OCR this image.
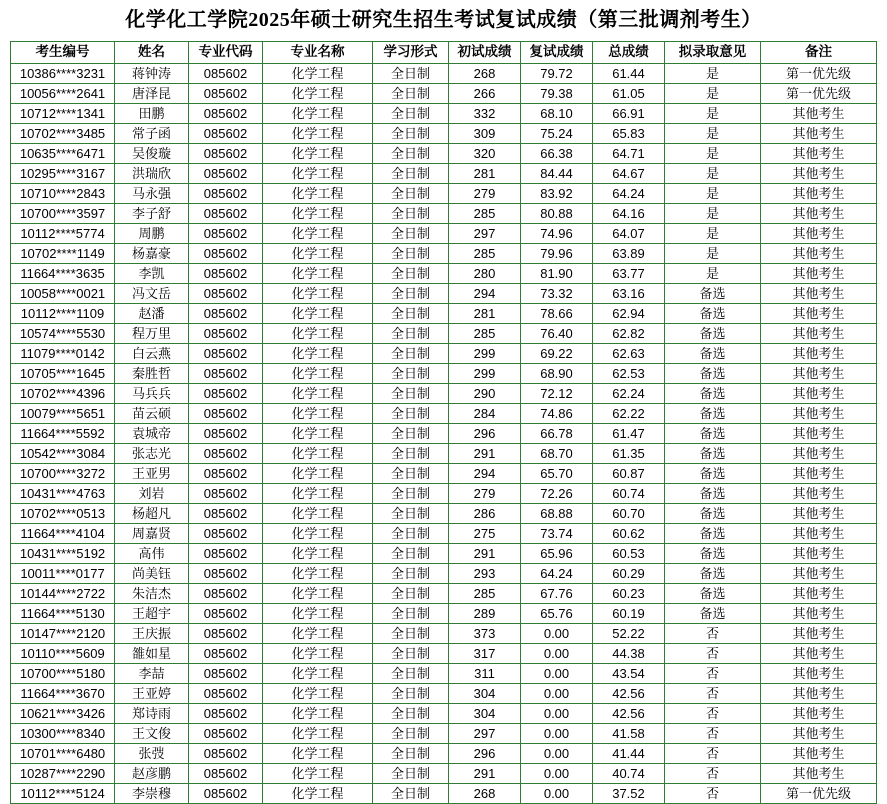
化学化工学院2025年硕士研究生招生考试复试成绩（第三批调剂考生）
考生编号	姓名	专业代码	专业名称	学习形式	初试成绩	复试成绩	总成绩	拟录取意见	备注
10386****3231	蒋钟涛	085602	化学工程	全日制	268	79.72	61.44	是	第一优先级
10056****2641	唐泽昆	085602	化学工程	全日制	266	79.38	61.05	是	第一优先级
10712****1341	田鹏	085602	化学工程	全日制	332	68.10	66.91	是	其他考生
10702****3485	常子函	085602	化学工程	全日制	309	75.24	65.83	是	其他考生
10635****6471	吴俊璇	085602	化学工程	全日制	320	66.38	64.71	是	其他考生
10295****3167	洪瑞欣	085602	化学工程	全日制	281	84.44	64.67	是	其他考生
10710****2843	马永强	085602	化学工程	全日制	279	83.92	64.24	是	其他考生
10700****3597	李子舒	085602	化学工程	全日制	285	80.88	64.16	是	其他考生
10112****5774	周鹏	085602	化学工程	全日制	297	74.96	64.07	是	其他考生
10702****1149	杨嘉豪	085602	化学工程	全日制	285	79.96	63.89	是	其他考生
11664****3635	李凯	085602	化学工程	全日制	280	81.90	63.77	是	其他考生
10058****0021	冯文岳	085602	化学工程	全日制	294	73.32	63.16	备选	其他考生
10112****1109	赵潘	085602	化学工程	全日制	281	78.66	62.94	备选	其他考生
10574****5530	程万里	085602	化学工程	全日制	285	76.40	62.82	备选	其他考生
11079****0142	白云燕	085602	化学工程	全日制	299	69.22	62.63	备选	其他考生
10705****1645	秦胜哲	085602	化学工程	全日制	299	68.90	62.53	备选	其他考生
10702****4396	马兵兵	085602	化学工程	全日制	290	72.12	62.24	备选	其他考生
10079****5651	苗云硕	085602	化学工程	全日制	284	74.86	62.22	备选	其他考生
11664****5592	袁城帝	085602	化学工程	全日制	296	66.78	61.47	备选	其他考生
10542****3084	张志光	085602	化学工程	全日制	291	68.70	61.35	备选	其他考生
10700****3272	王亚男	085602	化学工程	全日制	294	65.70	60.87	备选	其他考生
10431****4763	刘岩	085602	化学工程	全日制	279	72.26	60.74	备选	其他考生
10702****0513	杨超凡	085602	化学工程	全日制	286	68.88	60.70	备选	其他考生
11664****4104	周嘉贤	085602	化学工程	全日制	275	73.74	60.62	备选	其他考生
10431****5192	高伟	085602	化学工程	全日制	291	65.96	60.53	备选	其他考生
10011****0177	尚美钰	085602	化学工程	全日制	293	64.24	60.29	备选	其他考生
10144****2722	朱洁杰	085602	化学工程	全日制	285	67.76	60.23	备选	其他考生
11664****5130	王超宇	085602	化学工程	全日制	289	65.76	60.19	备选	其他考生
10147****2120	王庆振	085602	化学工程	全日制	373	0.00	52.22	否	其他考生
10110****5609	雒如星	085602	化学工程	全日制	317	0.00	44.38	否	其他考生
10700****5180	李喆	085602	化学工程	全日制	311	0.00	43.54	否	其他考生
11664****3670	王亚婷	085602	化学工程	全日制	304	0.00	42.56	否	其他考生
10621****3426	郑诗雨	085602	化学工程	全日制	304	0.00	42.56	否	其他考生
10300****8340	王文俊	085602	化学工程	全日制	297	0.00	41.58	否	其他考生
10701****6480	张弢	085602	化学工程	全日制	296	0.00	41.44	否	其他考生
10287****2290	赵彦鹏	085602	化学工程	全日制	291	0.00	40.74	否	其他考生
10112****5124	李崇穆	085602	化学工程	全日制	268	0.00	37.52	否	第一优先级
